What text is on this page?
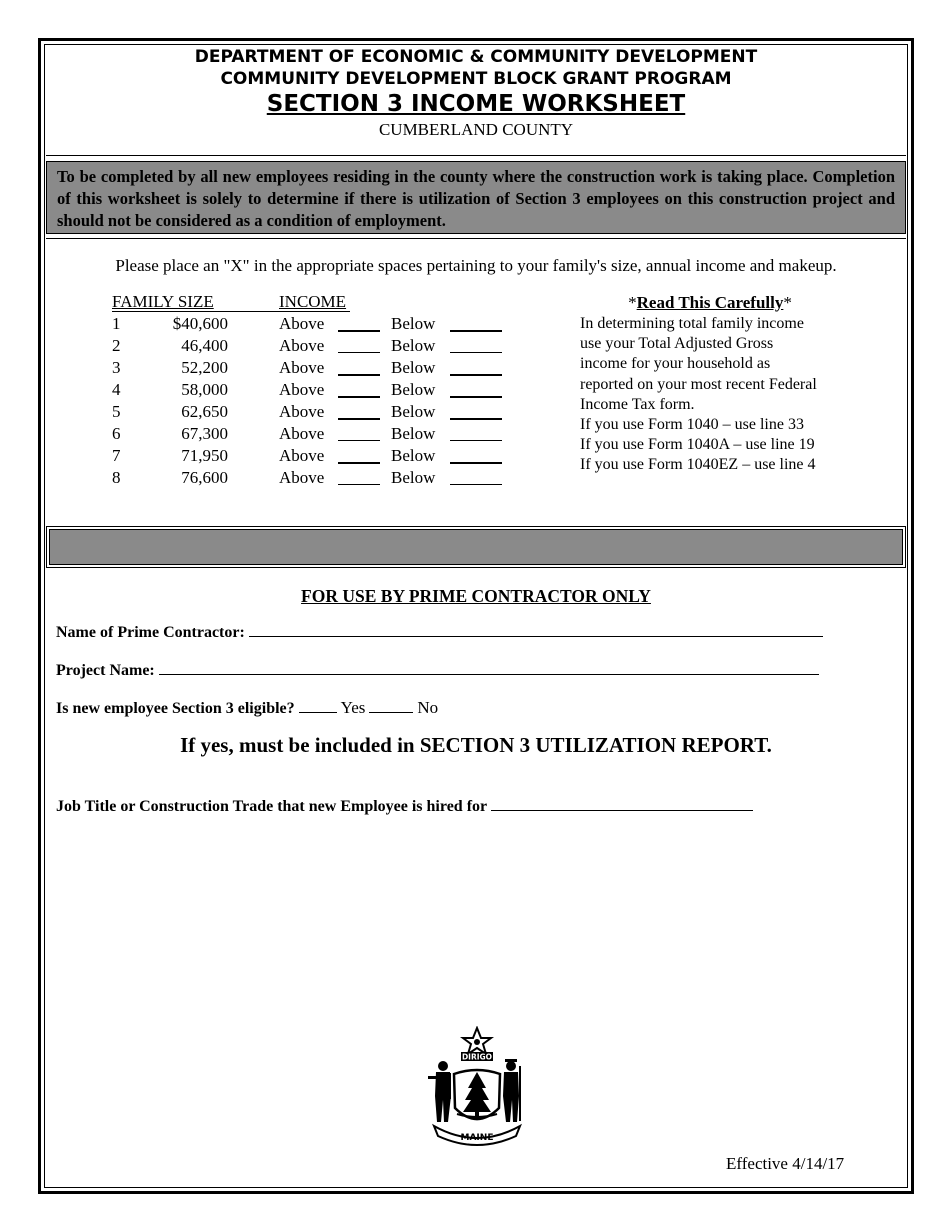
DEPARTMENT OF ECONOMIC & COMMUNITY DEVELOPMENT
COMMUNITY DEVELOPMENT BLOCK GRANT PROGRAM
SECTION 3 INCOME WORKSHEET
CUMBERLAND COUNTY
To be completed by all new employees residing in the county where the construction work is taking place. Completion of this worksheet is solely to determine if there is utilization of Section 3 employees on this construction project and should not be considered as a condition of employment.
Please place an "X" in the appropriate spaces pertaining to your family's size, annual income and makeup.
FAMILY SIZE	INCOME
1	$40,600	Above	Below
2	46,400	Above	Below
3	52,200	Above	Below
4	58,000	Above	Below
5	62,650	Above	Below
6	67,300	Above	Below
7	71,950	Above	Below
8	76,600	Above	Below
*Read This Carefully*
In determining total family income
use your Total Adjusted Gross
income for your household as
reported on your most recent Federal
Income Tax form.
If you use Form 1040 – use line 33
If you use Form 1040A – use line 19
If you use Form 1040EZ – use line 4
FOR USE BY PRIME CONTRACTOR ONLY
Name of Prime Contractor:
Project Name:
Is new employee Section 3 eligible?	Yes	No
If yes, must be included in SECTION 3 UTILIZATION REPORT.
Job Title or Construction Trade that new Employee is hired for
DIRIGO
MAINE
Effective 4/14/17
